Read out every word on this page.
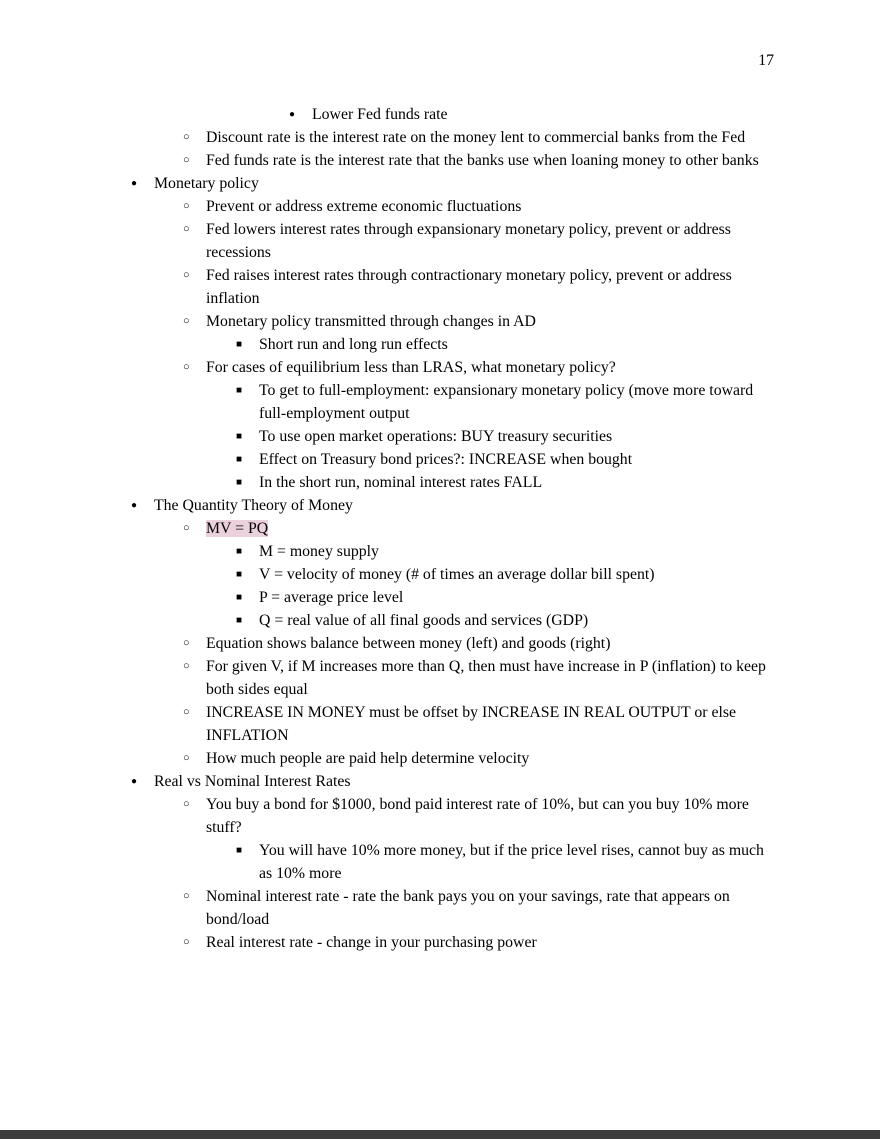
17
● Lower Fed funds rate
○ Discount rate is the interest rate on the money lent to commercial banks from the Fed
○ Fed funds rate is the interest rate that the banks use when loaning money to other banks
● Monetary policy
○ Prevent or address extreme economic fluctuations
○ Fed lowers interest rates through expansionary monetary policy, prevent or address recessions
○ Fed raises interest rates through contractionary monetary policy, prevent or address inflation
○ Monetary policy transmitted through changes in AD
■ Short run and long run effects
○ For cases of equilibrium less than LRAS, what monetary policy?
■ To get to full-employment: expansionary monetary policy (move more toward full-employment output
■ To use open market operations: BUY treasury securities
■ Effect on Treasury bond prices?: INCREASE when bought
■ In the short run, nominal interest rates FALL
● The Quantity Theory of Money
○ MV = PQ
■ M = money supply
■ V = velocity of money (# of times an average dollar bill spent)
■ P = average price level
■ Q = real value of all final goods and services (GDP)
○ Equation shows balance between money (left) and goods (right)
○ For given V, if M increases more than Q, then must have increase in P (inflation) to keep both sides equal
○ INCREASE IN MONEY must be offset by INCREASE IN REAL OUTPUT or else INFLATION
○ How much people are paid help determine velocity
● Real vs Nominal Interest Rates
○ You buy a bond for $1000, bond paid interest rate of 10%, but can you buy 10% more stuff?
■ You will have 10% more money, but if the price level rises, cannot buy as much as 10% more
○ Nominal interest rate - rate the bank pays you on your savings, rate that appears on bond/load
○ Real interest rate - change in your purchasing power
